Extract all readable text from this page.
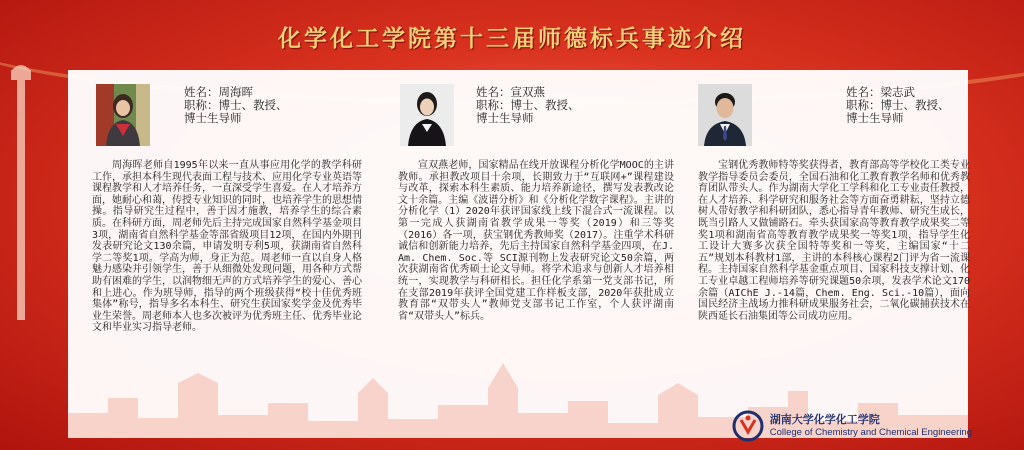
化学化工学院第十三届师德标兵事迹介绍
姓名：周海晖
职称：博士、教授、
博士生导师
周海晖老师自1995年以来一直从事应用化学的教学科研工作，承担本科生现代表面工程与技术、应用化学专业英语等课程教学和人才培养任务，一直深受学生喜爱。在人才培养方面，她耐心和蔼，传授专业知识的同时，也培养学生的思想情操。指导研究生过程中，善于因才施教，培养学生的综合素质。在科研方面，周老师先后主持完成国家自然科学基金项目3项，湖南省自然科学基金等部省级项目12项，在国内外期刊发表研究论文130余篇，申请发明专利5项，获湖南省自然科学二等奖1项。学高为师，身正为范。周老师一直以自身人格魅力感染并引领学生，善于从细微处发现问题，用各种方式帮助有困难的学生，以润物细无声的方式培养学生的爱心、善心和上进心。作为班导师，指导的两个班级获得“校十佳优秀班集体”称号，指导多名本科生、研究生获国家奖学金及优秀毕业生荣誉。周老师本人也多次被评为优秀班主任、优秀毕业论文和毕业实习指导老师。
姓名：宣双燕
职称：博士、教授、
博士生导师
宣双燕老师，国家精品在线开放课程分析化学MOOC的主讲教师。承担教改项目十余项，长期致力于“互联网+”课程建设与改革，探索本科生素质、能力培养新途径，撰写发表教改论文十余篇。主编《波谱分析》和《分析化学数字课程》。主讲的分析化学（1）2020年获评国家线上线下混合式一流课程。以第一完成人获湖南省教学成果一等奖（2019）和三等奖（2016）各一项，获宝钢优秀教师奖（2017）。注重学术科研诚信和创新能力培养，先后主持国家自然科学基金四项，在J. Am. Chem. Soc.等 SCI源刊物上发表研究论文50余篇，两次获湖南省优秀硕士论文导师。将学术追求与创新人才培养相统一，实现教学与科研相长。担任化学系第一党支部书记，所在支部2019年获评全国党建工作样板支部，2020年获批成立教育部“双带头人”教师党支部书记工作室，个人获评湖南省“双带头人”标兵。
姓名：梁志武
职称：博士、教授、
博士生导师
宝钢优秀教师特等奖获得者，教育部高等学校化工类专业教学指导委员会委员，全国石油和化工教育教学名师和优秀教育团队带头人。作为湖南大学化工学科和化工专业责任教授，在人才培养、科学研究和服务社会等方面奋勇耕耘，坚持立德树人带好教学和科研团队，悉心指导青年教师、研究生成长，既当引路人又做铺路石。牵头获国家高等教育教学成果奖二等奖1项和湖南省高等教育教学成果奖一等奖1项，指导学生化工设计大赛多次获全国特等奖和一等奖，主编国家“十二五”规划本科教材1部，主讲的本科核心课程2门评为省一流课程。主持国家自然科学基金重点项目、国家科技支撑计划、化工专业卓越工程师培养等研究课题50余项，发表学术论文170余篇（AIChE J.-14篇，Chem. Eng. Sci.-10篇），面向国民经济主战场力推科研成果服务社会，二氧化碳捕获技术在陕西延长石油集团等公司成功应用。
湖南大学化学化工学院
College of Chemistry and Chemical Engineering
